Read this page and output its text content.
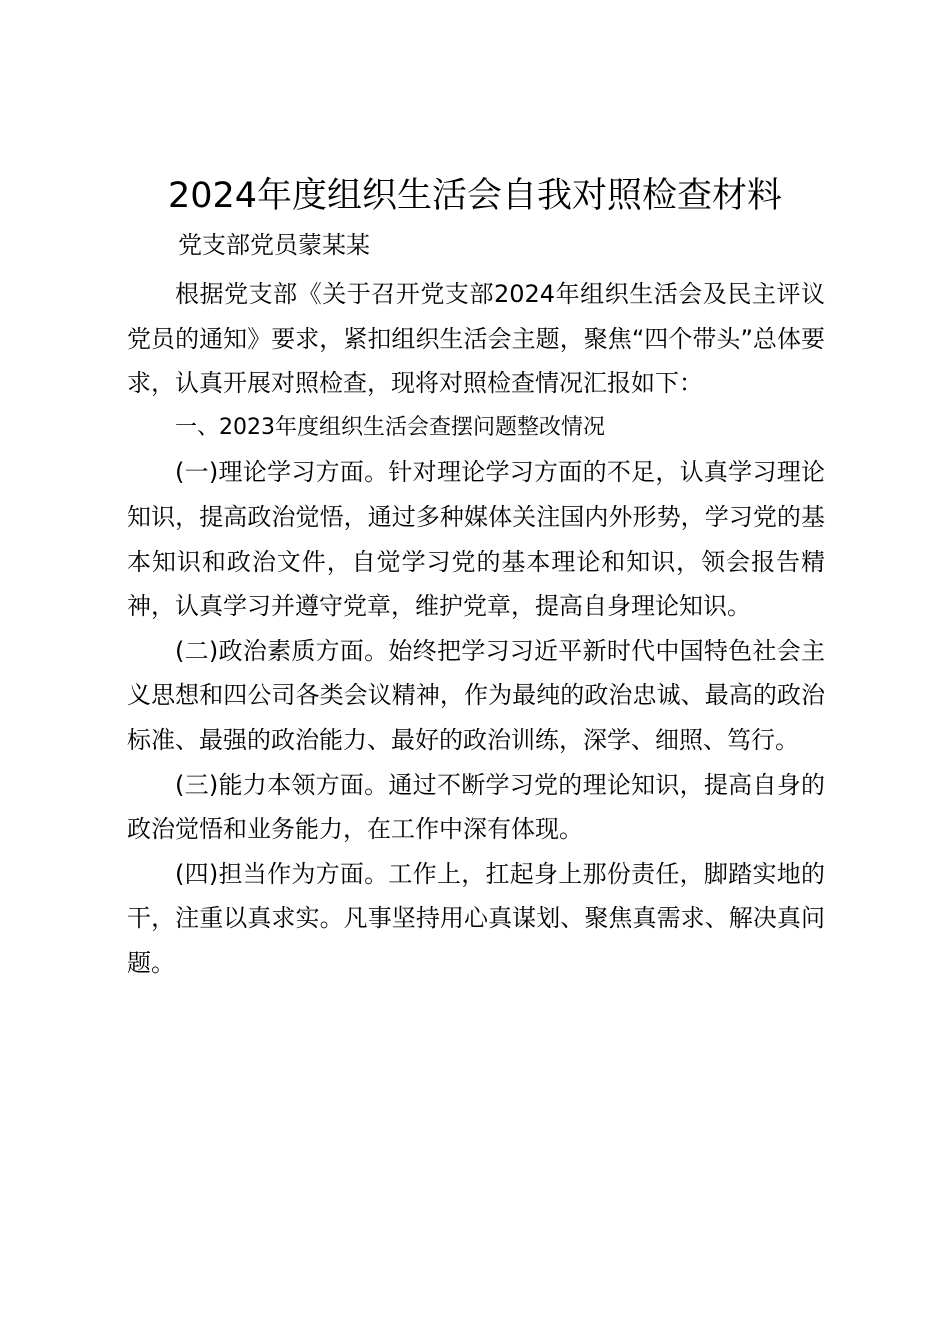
2024年度组织生活会自我对照检查材料
党支部党员蒙某某

根据党支部《关于召开党支部2024年组织生活会及民主评议党员的通知》要求，紧扣组织生活会主题，聚焦“四个带头”总体要求，认真开展对照检查，现将对照检查情况汇报如下：

一、2023年度组织生活会查摆问题整改情况

(一)理论学习方面。针对理论学习方面的不足，认真学习理论知识，提高政治觉悟，通过多种媒体关注国内外形势，学习党的基本知识和政治文件，自觉学习党的基本理论和知识，领会报告精神，认真学习并遵守党章，维护党章，提高自身理论知识。

(二)政治素质方面。始终把学习习近平新时代中国特色社会主义思想和四公司各类会议精神，作为最纯的政治忠诚、最高的政治标准、最强的政治能力、最好的政治训练，深学、细照、笃行。

(三)能力本领方面。通过不断学习党的理论知识，提高自身的政治觉悟和业务能力，在工作中深有体现。

(四)担当作为方面。工作上，扛起身上那份责任，脚踏实地的干，注重以真求实。凡事坚持用心真谋划、聚焦真需求、解决真问题。
